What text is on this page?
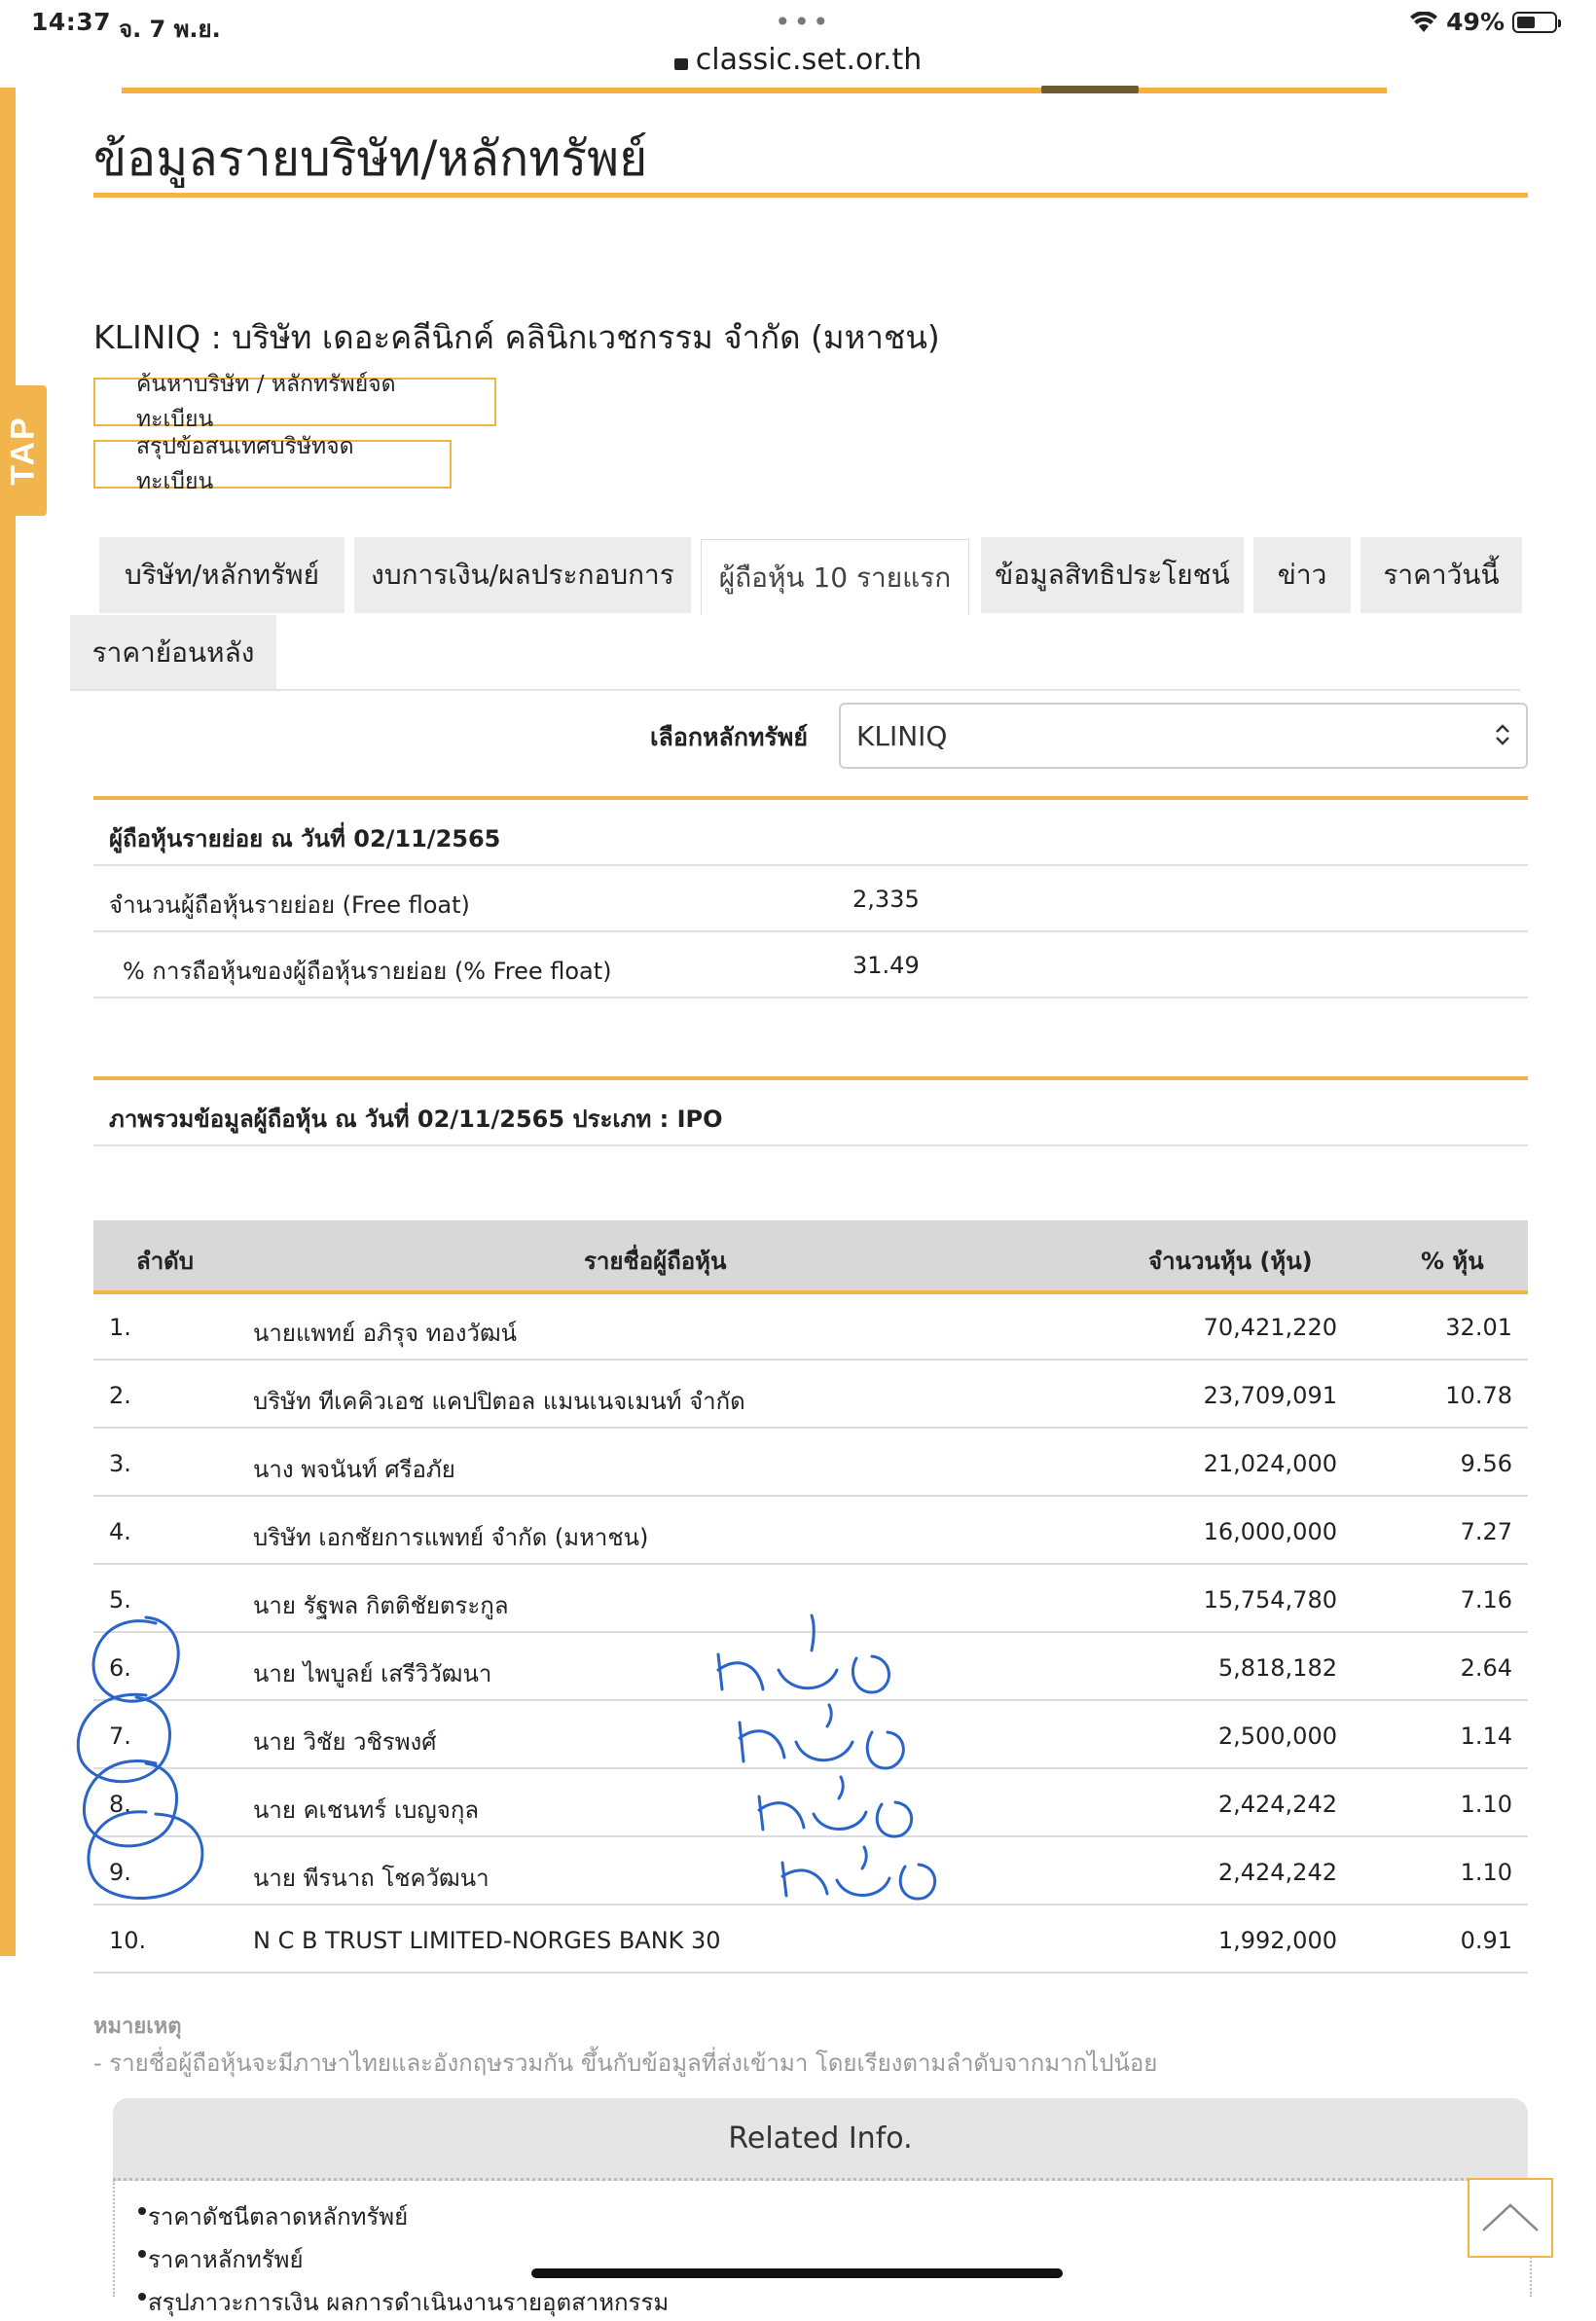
14:37 จ. 7 พ.ย.	•••
classic.set.or.th
49%
TAP
ข้อมูลรายบริษัท/หลักทรัพย์
KLINIQ : บริษัท เดอะคลีนิกค์ คลินิกเวชกรรม จำกัด (มหาชน)
ค้นหาบริษัท / หลักทรัพย์จดทะเบียน
สรุปข้อสนเทศบริษัทจดทะเบียน
บริษัท/หลักทรัพย์	งบการเงิน/ผลประกอบการ	ผู้ถือหุ้น 10 รายแรก	ข้อมูลสิทธิประโยชน์	ข่าว	ราคาวันนี้
ราคาย้อนหลัง
เลือกหลักทรัพย์ KLINIQ
ผู้ถือหุ้นรายย่อย ณ วันที่ 02/11/2565
จำนวนผู้ถือหุ้นรายย่อย (Free float)	2,335
% การถือหุ้นของผู้ถือหุ้นรายย่อย (% Free float)	31.49
ภาพรวมข้อมูลผู้ถือหุ้น ณ วันที่ 02/11/2565 ประเภท : IPO
ลำดับ	รายชื่อผู้ถือหุ้น	จำนวนหุ้น (หุ้น)	% หุ้น
1.	นายแพทย์ อภิรุจ ทองวัฒน์	70,421,220	32.01
2.	บริษัท ทีเคคิวเอช แคปปิตอล แมนเนจเมนท์ จำกัด	23,709,091	10.78
3.	นาง พจนันท์ ศรีอภัย	21,024,000	9.56
4.	บริษัท เอกชัยการแพทย์ จำกัด (มหาชน)	16,000,000	7.27
5.	นาย รัฐพล กิตติชัยตระกูล	15,754,780	7.16
6.	นาย ไพบูลย์ เสรีวิวัฒนา	5,818,182	2.64
7.	นาย วิชัย วชิรพงศ์	2,500,000	1.14
8.	นาย คเชนทร์ เบญจกุล	2,424,242	1.10
9.	นาย พีรนาถ โชควัฒนา	2,424,242	1.10
10.	N C B TRUST LIMITED-NORGES BANK 30	1,992,000	0.91
หมายเหตุ
- รายชื่อผู้ถือหุ้นจะมีภาษาไทยและอังกฤษรวมกัน ขึ้นกับข้อมูลที่ส่งเข้ามา โดยเรียงตามลำดับจากมากไปน้อย
Related Info.
ราคาดัชนีตลาดหลักทรัพย์
ราคาหลักทรัพย์
สรุปภาวะการเงิน ผลการดำเนินงานรายอุตสาหกรรม
